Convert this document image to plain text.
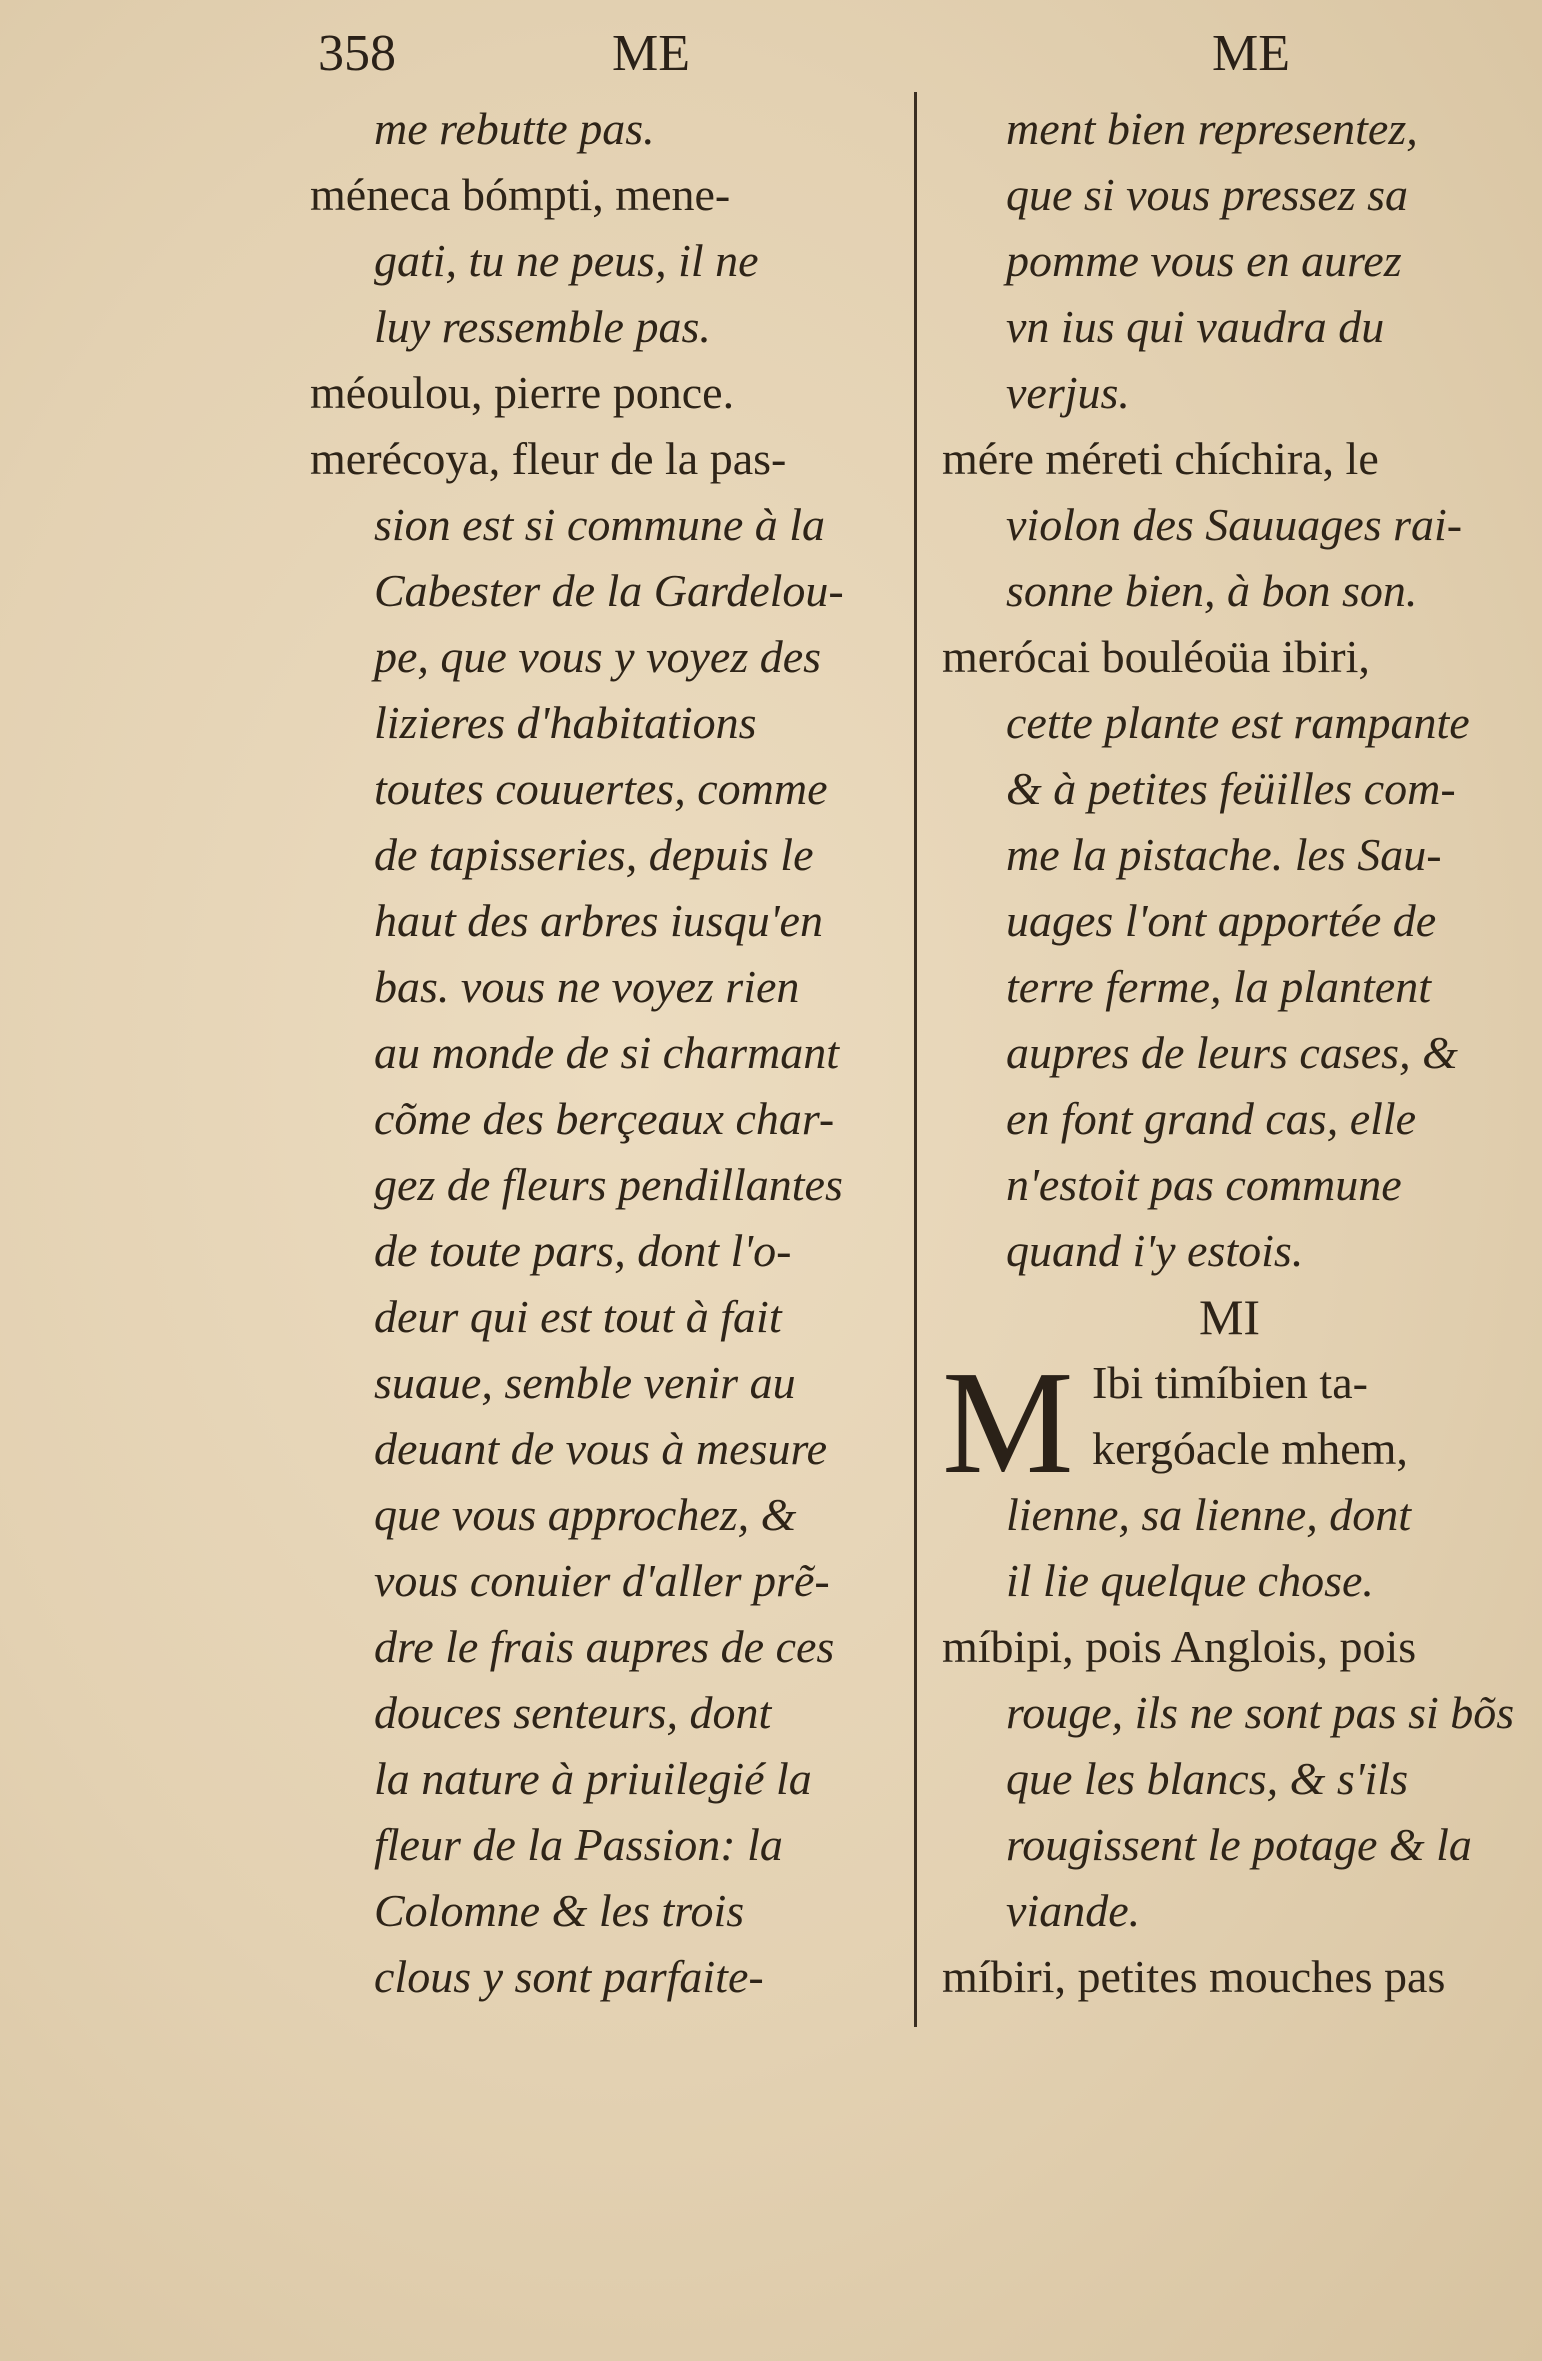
358	ME	ME
me rebutte pas.
méneca bómpti, mene-
gati, tu ne peus, il ne
luy ressemble pas.
méoulou, pierre ponce.
merécoya, fleur de la pas-
sion est si commune à la
Cabester de la Gardelou-
pe, que vous y voyez des
lizieres d'habitations
toutes couuertes, comme
de tapisseries, depuis le
haut des arbres iusqu'en
bas. vous ne voyez rien
au monde de si charmant
cõme des berçeaux char-
gez de fleurs pendillantes
de toute pars, dont l'o-
deur qui est tout à fait
suaue, semble venir au
deuant de vous à mesure
que vous approchez, &
vous conuier d'aller prẽ-
dre le frais aupres de ces
douces senteurs, dont
la nature à priuilegié la
fleur de la Passion: la
Colomne & les trois
clous y sont parfaite-
ment bien representez,
que si vous pressez sa
pomme vous en aurez
vn ius qui vaudra du
verjus.
mére méreti chíchira, le
violon des Sauuages rai-
sonne bien, à bon son.
merócai bouléoüa ibiri,
cette plante est rampante
& à petites feüilles com-
me la pistache. les Sau-
uages l'ont apportée de
terre ferme, la plantent
aupres de leurs cases, &
en font grand cas, elle
n'estoit pas commune
quand i'y estois.
MI
M Ibi timíbien ta-
kergóacle mhem,
lienne, sa lienne, dont
il lie quelque chose.
míbipi, pois Anglois, pois
rouge, ils ne sont pas si bõs
que les blancs, & s'ils
rougissent le potage & la
viande.
míbiri, petites mouches pas
